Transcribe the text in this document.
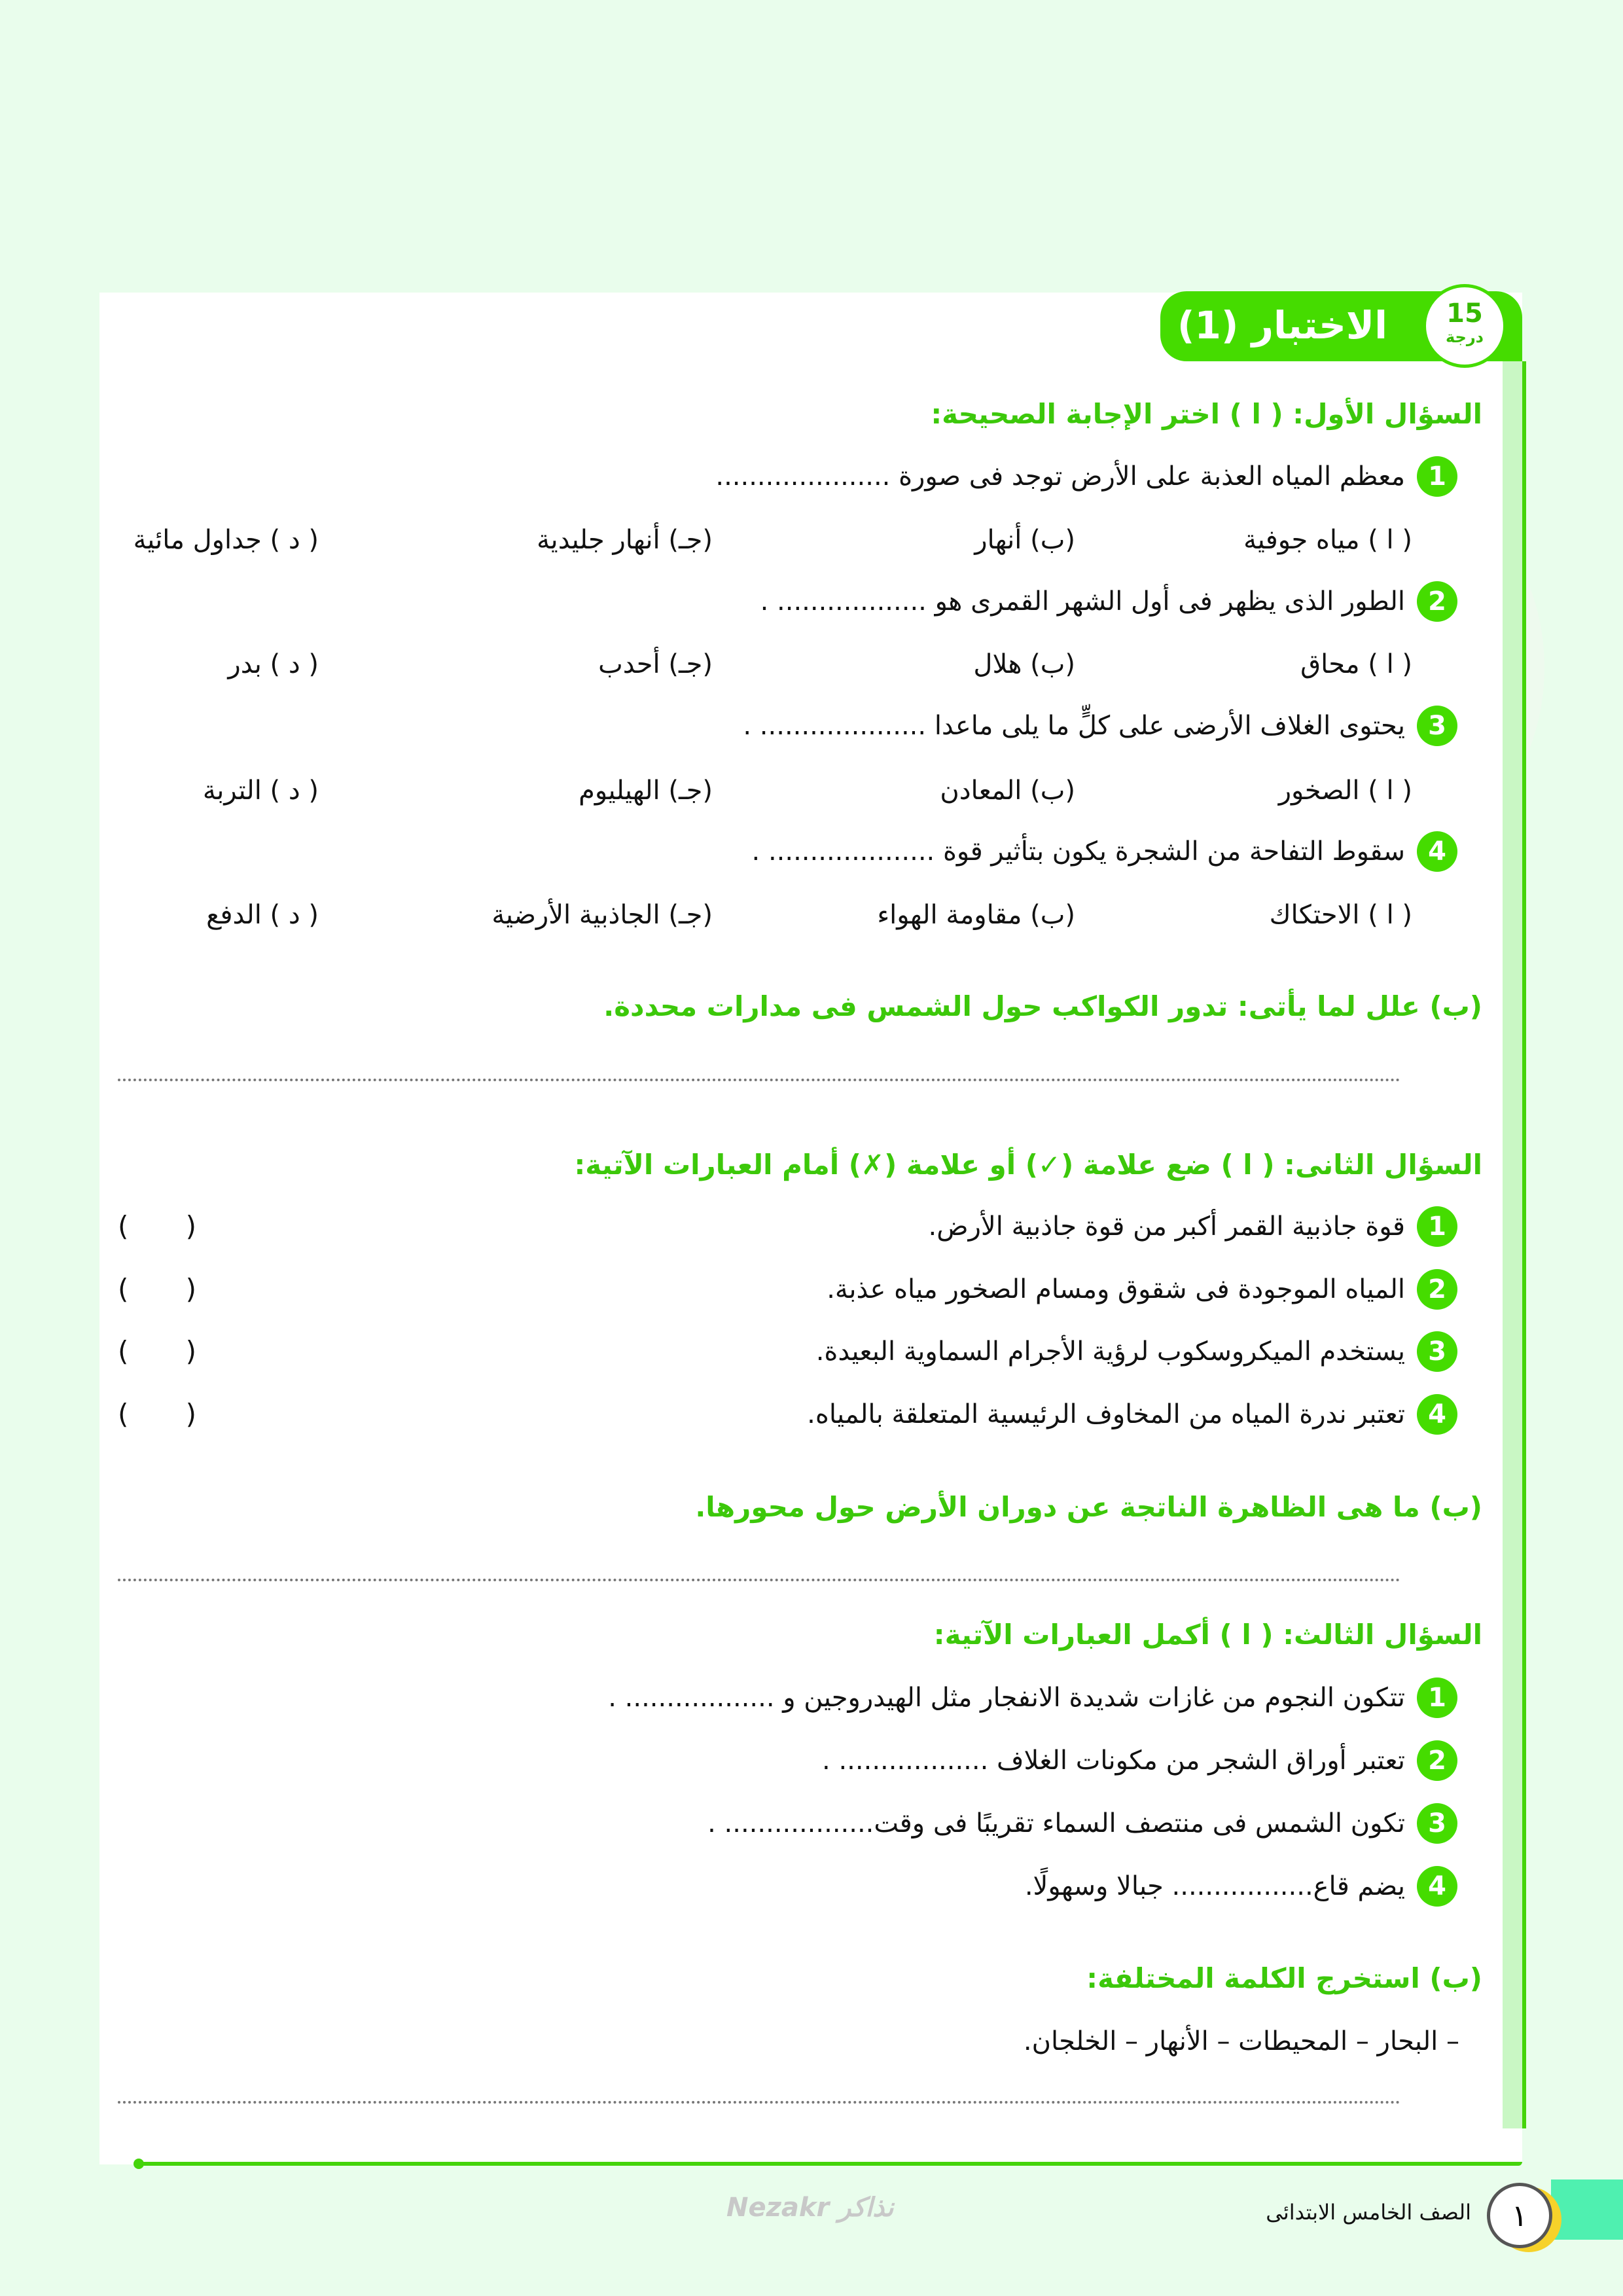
الاختبار (1)	15
درجة
السؤال الأول: ( ا ) اختر الإجابة الصحيحة:
1
معظم المياه العذبة على الأرض توجد فى صورة .....................
( ا ) مياه جوفية
(ب) أنهار
(جـ) أنهار جليدية
( د ) جداول مائية
2
الطور الذى يظهر فى أول الشهر القمرى هو .................. .
( ا ) محاق
(ب) هلال
(جـ) أحدب
( د ) بدر
3
يحتوى الغلاف الأرضى على كلٍّ ما يلى ماعدا .................... .
( ا ) الصخور
(ب) المعادن
(جـ) الهيليوم
( د ) التربة
4
سقوط التفاحة من الشجرة يكون بتأثير قوة .................... .
( ا ) الاحتكاك
(ب) مقاومة الهواء
(جـ) الجاذبية الأرضية
( د ) الدفع
(ب) علل لما يأتى: تدور الكواكب حول الشمس فى مدارات محددة.
السؤال الثانى: ( ا ) ضع علامة (✓) أو علامة (✗) أمام العبارات الآتية:
1
قوة جاذبية القمر أكبر من قوة جاذبية الأرض.
( )
2
المياه الموجودة فى شقوق ومسام الصخور مياه عذبة.
( )
3
يستخدم الميكروسكوب لرؤية الأجرام السماوية البعيدة.
( )
4
تعتبر ندرة المياه من المخاوف الرئيسية المتعلقة بالمياه.
( )
(ب) ما هى الظاهرة الناتجة عن دوران الأرض حول محورها.
السؤال الثالث: ( ا ) أكمل العبارات الآتية:
1
تتكون النجوم من غازات شديدة الانفجار مثل الهيدروجين و .................. .
2
تعتبر أوراق الشجر من مكونات الغلاف .................. .
3
تكون الشمس فى منتصف السماء تقريبًا فى وقت.................. .
4
يضم قاع................. جبالا وسهولًا.
(ب) استخرج الكلمة المختلفة:
– البحار – المحيطات – الأنهار – الخلجان.
Nezakr نذاكر	١
الصف الخامس الابتدائى
